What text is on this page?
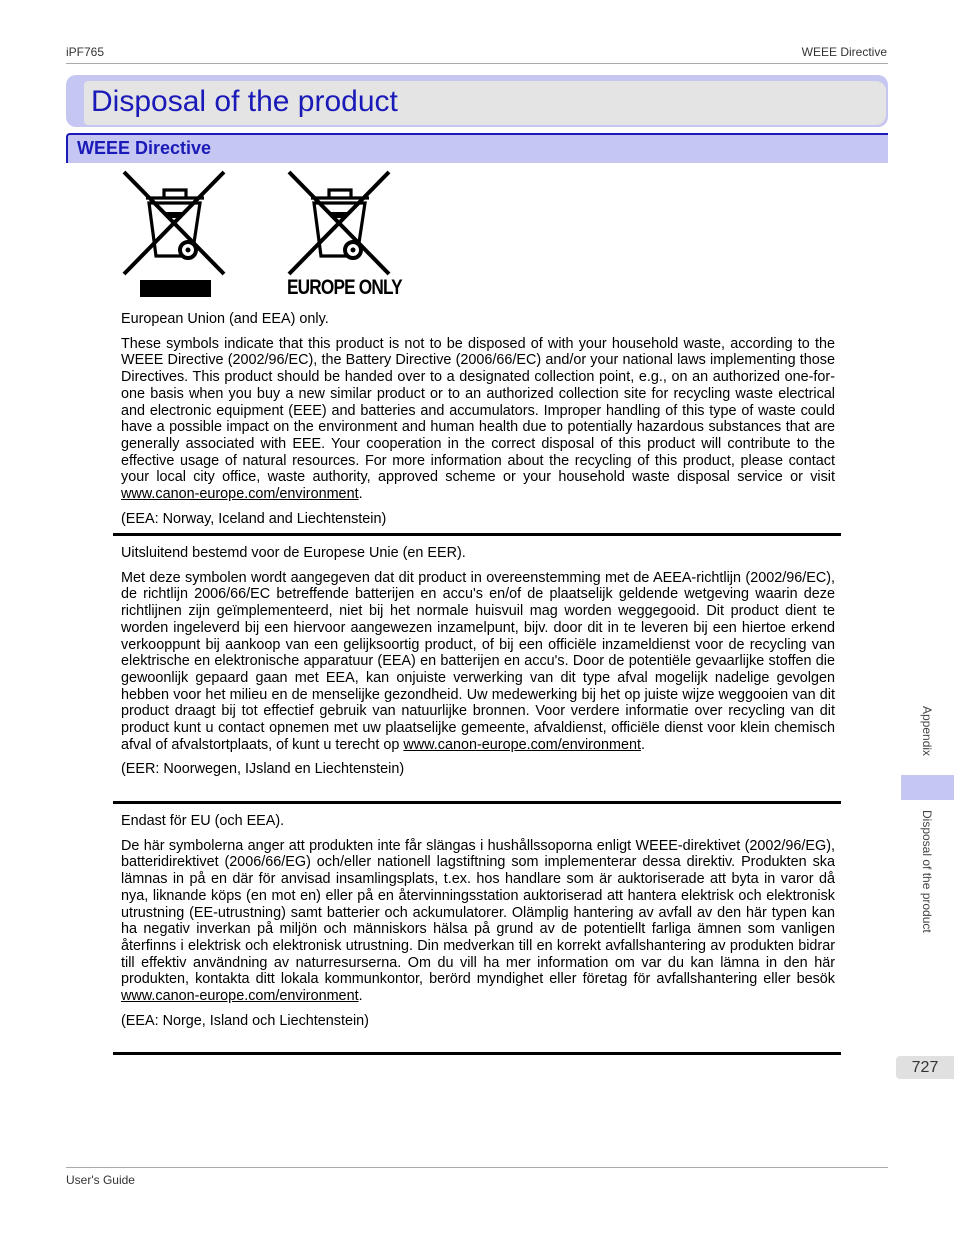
iPF765	WEEE Directive
Disposal of the product
WEEE Directive
EUROPE ONLY

European Union (and EEA) only.

These symbols indicate that this product is not to be disposed of with your household waste, according to the WEEE Directive (2002/96/EC), the Battery Directive (2006/66/EC) and/or your national laws implementing those Directives. This product should be handed over to a designated collection point, e.g., on an authorized one-for-one basis when you buy a new similar product or to an authorized collection site for recycling waste electrical and electronic equipment (EEE) and batteries and accumulators. Improper handling of this type of waste could have a possible impact on the environment and human health due to potentially hazardous substances that are generally associated with EEE. Your cooperation in the correct disposal of this product will contribute to the effective usage of natural resources. For more information about the recycling of this product, please contact your local city office, waste authority, approved scheme or your household waste disposal service or visit www.canon-europe.com/environment.

(EEA: Norway, Iceland and Liechtenstein)

Uitsluitend bestemd voor de Europese Unie (en EER).

Met deze symbolen wordt aangegeven dat dit product in overeenstemming met de AEEA-richtlijn (2002/96/EC), de richtlijn 2006/66/EC betreffende batterijen en accu's en/of de plaatselijk geldende wetgeving waarin deze richtlijnen zijn geïmplementeerd, niet bij het normale huisvuil mag worden weggegooid. Dit product dient te worden ingeleverd bij een hiervoor aangewezen inzamelpunt, bijv. door dit in te leveren bij een hiertoe erkend verkooppunt bij aankoop van een gelijksoortig product, of bij een officiële inzameldienst voor de recycling van elektrische en elektronische apparatuur (EEA) en batterijen en accu's. Door de potentiële gevaarlijke stoffen die gewoonlijk gepaard gaan met EEA, kan onjuiste verwerking van dit type afval mogelijk nadelige gevolgen hebben voor het milieu en de menselijke gezondheid. Uw medewerking bij het op juiste wijze weggooien van dit product draagt bij tot effectief gebruik van natuurlijke bronnen. Voor verdere informatie over recycling van dit product kunt u contact opnemen met uw plaatselijke gemeente, afvaldienst, officiële dienst voor klein chemisch afval of afvalstortplaats, of kunt u terecht op www.canon-europe.com/environment.

(EER: Noorwegen, IJsland en Liechtenstein)

Endast för EU (och EEA).

De här symbolerna anger att produkten inte får slängas i hushållssoporna enligt WEEE-direktivet (2002/96/EG), batteridirektivet (2006/66/EG) och/eller nationell lagstiftning som implementerar dessa direktiv. Produkten ska lämnas in på en där för anvisad insamlingsplats, t.ex. hos handlare som är auktoriserade att byta in varor då nya, liknande köps (en mot en) eller på en återvinningsstation auktoriserad att hantera elektrisk och elektronisk utrustning (EE-utrustning) samt batterier och ackumulatorer. Olämplig hantering av avfall av den här typen kan ha negativ inverkan på miljön och människors hälsa på grund av de potentiellt farliga ämnen som vanligen återfinns i elektrisk och elektronisk utrustning. Din medverkan till en korrekt avfallshantering av produkten bidrar till effektiv användning av naturresurserna. Om du vill ha mer information om var du kan lämna in den här produkten, kontakta ditt lokala kommunkontor, berörd myndighet eller företag för avfallshantering eller besök www.canon-europe.com/environment.

(EEA: Norge, Island och Liechtenstein)

Appendix
Disposal of the product
727
User's Guide
